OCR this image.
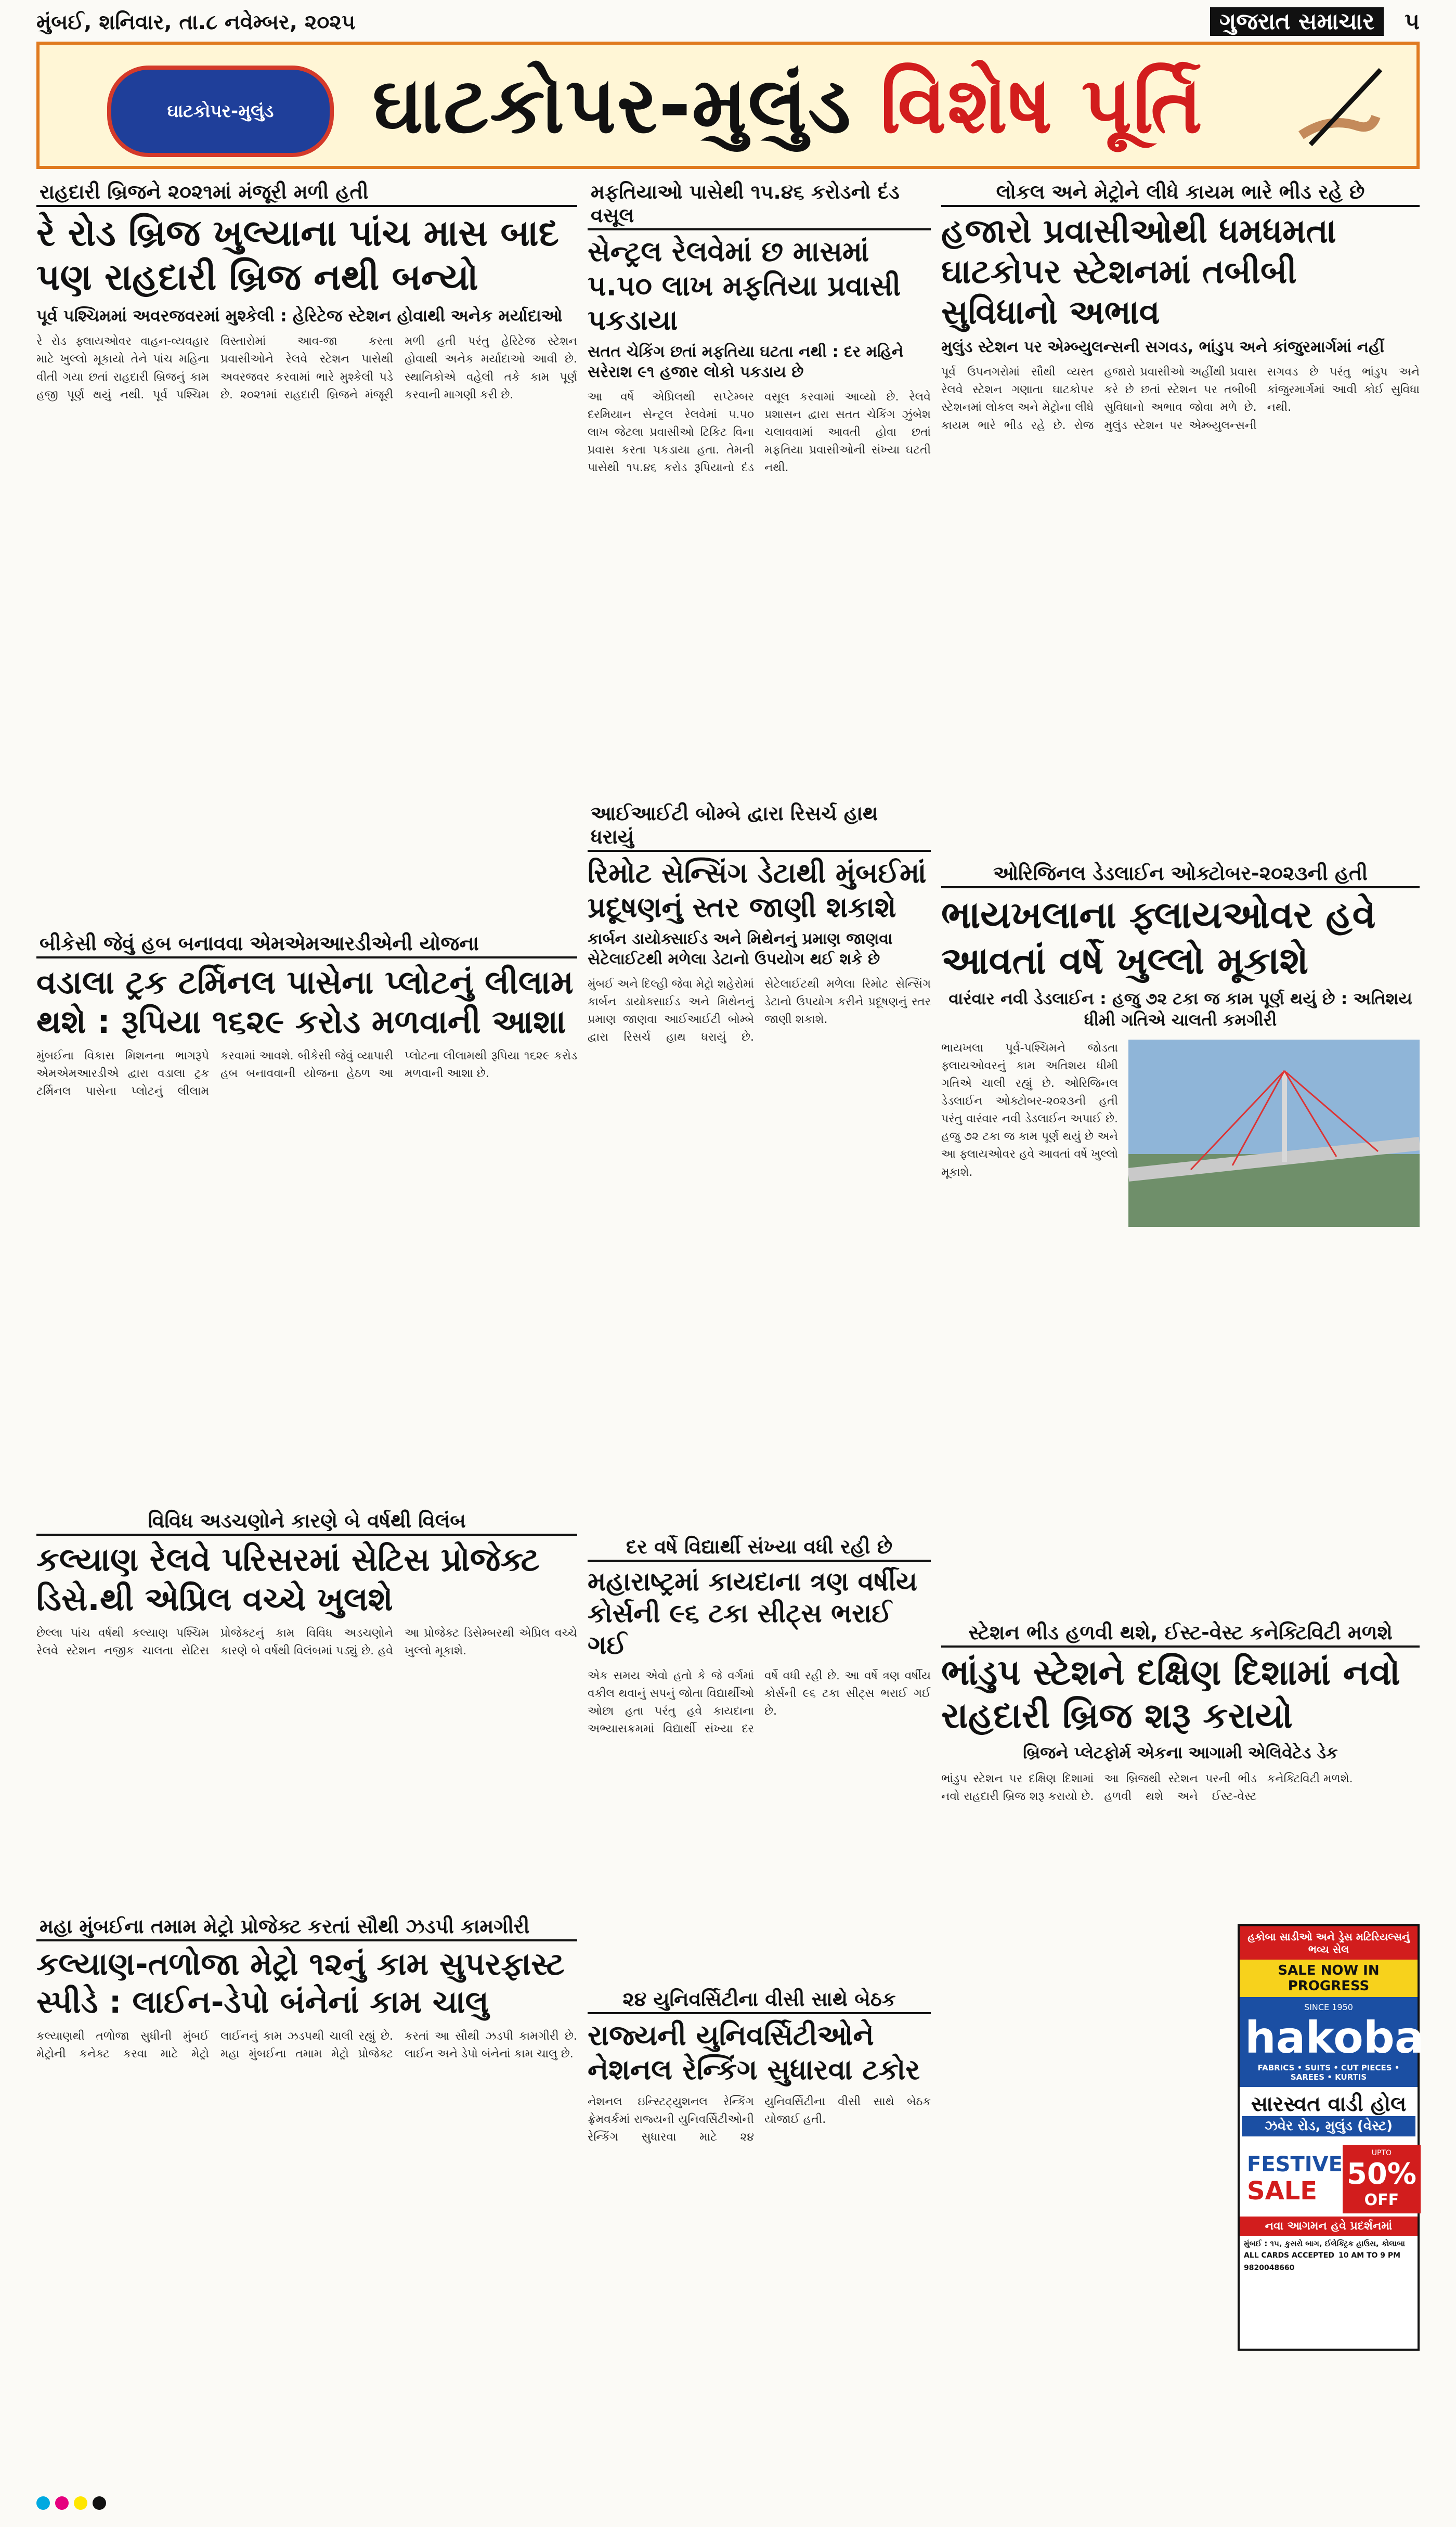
મુંબઈ, શનિવાર, તા.૮ નવેમ્બર, ૨૦૨૫	ગુજરાત સમાચાર	૫
ઘાટકોપર-મુલુંડ	ઘાટકોપર-મુલુંડ વિશેષ પૂર્તિ
રાહદારી બ્રિજને ૨૦૨૧માં મંજૂરી મળી હતી
રે રોડ બ્રિજ ખુલ્યાના પાંચ માસ બાદ પણ રાહદારી બ્રિજ નથી બન્યો
પૂર્વ પશ્ચિમમાં અવરજવરમાં મુશ્કેલી : હેરિટેજ સ્ટેશન હોવાથી અનેક મર્યાદાઓ
રે રોડ ફ્લાયઓવર વાહન-વ્યવહાર માટે ખુલ્લો મૂકાયો તેને પાંચ મહિના વીતી ગયા છતાં રાહદારી બ્રિજનું કામ હજી પૂર્ણ થયું નથી. પૂર્વ પશ્ચિમ વિસ્તારોમાં આવ-જા કરતા પ્રવાસીઓને રેલવે સ્ટેશન પાસેથી અવરજવર કરવામાં ભારે મુશ્કેલી પડે છે. ૨૦૨૧માં રાહદારી બ્રિજને મંજૂરી મળી હતી પરંતુ હેરિટેજ સ્ટેશન હોવાથી અનેક મર્યાદાઓ આવી છે. સ્થાનિકોએ વહેલી તકે કામ પૂર્ણ કરવાની માગણી કરી છે.
મફતિયાઓ પાસેથી ૧૫.૪૬ કરોડનો દંડ વસૂલ
સેન્ટ્રલ રેલવેમાં છ માસમાં ૫.૫૦ લાખ મફતિયા પ્રવાસી પકડાયા
સતત ચેકિંગ છતાં મફતિયા ઘટતા નથી : દર મહિને સરેરાશ ૯૧ હજાર લોકો પકડાય છે
આ વર્ષે એપ્રિલથી સપ્ટેમ્બર દરમિયાન સેન્ટ્રલ રેલવેમાં ૫.૫૦ લાખ જેટલા પ્રવાસીઓ ટિકિટ વિના પ્રવાસ કરતા પકડાયા હતા. તેમની પાસેથી ૧૫.૪૬ કરોડ રૂપિયાનો દંડ વસૂલ કરવામાં આવ્યો છે. રેલવે પ્રશાસન દ્વારા સતત ચેકિંગ ઝુંબેશ ચલાવવામાં આવતી હોવા છતાં મફતિયા પ્રવાસીઓની સંખ્યા ઘટતી નથી.
લોકલ અને મેટ્રોને લીધે કાયમ ભારે ભીડ રહે છે
હજારો પ્રવાસીઓથી ધમધમતા ઘાટકોપર સ્ટેશનમાં તબીબી સુવિધાનો અભાવ
મુલુંડ સ્ટેશન પર એમ્બ્યુલન્સની સગવડ, ભાંડુપ અને કાંજુરમાર્ગમાં નહીં
પૂર્વ ઉપનગરોમાં સૌથી વ્યસ્ત રેલવે સ્ટેશન ગણાતા ઘાટકોપર સ્ટેશનમાં લોકલ અને મેટ્રોના લીધે કાયમ ભારે ભીડ રહે છે. રોજ હજારો પ્રવાસીઓ અહીંથી પ્રવાસ કરે છે છતાં સ્ટેશન પર તબીબી સુવિધાનો અભાવ જોવા મળે છે. મુલુંડ સ્ટેશન પર એમ્બ્યુલન્સની સગવડ છે પરંતુ ભાંડુપ અને કાંજુરમાર્ગમાં આવી કોઈ સુવિધા નથી.
બીકેસી જેવું હબ બનાવવા એમએમઆરડીએની યોજના
વડાલા ટ્રક ટર્મિનલ પાસેના પ્લોટનું લીલામ થશે : રૂપિયા ૧૬૨૯ કરોડ મળવાની આશા
મુંબઈના વિકાસ મિશનના ભાગરૂપે એમએમઆરડીએ દ્વારા વડાલા ટ્રક ટર્મિનલ પાસેના પ્લોટનું લીલામ કરવામાં આવશે. બીકેસી જેવું વ્યાપારી હબ બનાવવાની યોજના હેઠળ આ પ્લોટના લીલામથી રૂપિયા ૧૬૨૯ કરોડ મળવાની આશા છે.
આઈઆઈટી બોમ્બે દ્વારા રિસર્ચ હાથ ધરાયું
રિમોટ સેન્સિંગ ડેટાથી મુંબઈમાં પ્રદૂષણનું સ્તર જાણી શકાશે
કાર્બન ડાયોક્સાઈડ અને મિથેનનું પ્રમાણ જાણવા સેટેલાઈટથી મળેલા ડેટાનો ઉપયોગ થઈ શકે છે
મુંબઈ અને દિલ્હી જેવા મેટ્રો શહેરોમાં કાર્બન ડાયોક્સાઈડ અને મિથેનનું પ્રમાણ જાણવા આઈઆઈટી બોમ્બે દ્વારા રિસર્ચ હાથ ધરાયું છે. સેટેલાઈટથી મળેલા રિમોટ સેન્સિંગ ડેટાનો ઉપયોગ કરીને પ્રદૂષણનું સ્તર જાણી શકાશે.
ઓરિજિનલ ડેડલાઈન ઓક્ટોબર-૨૦૨૩ની હતી
ભાયખલાના ફ્લાયઓવર હવે આવતાં વર્ષે ખુલ્લો મૂકાશે
વારંવાર નવી ડેડલાઈન : હજુ ૭૨ ટકા જ કામ પૂર્ણ થયું છે : અતિશય ધીમી ગતિએ ચાલતી કમગીરી
ભાયખલા પૂર્વ-પશ્ચિમને જોડતા ફ્લાયઓવરનું કામ અતિશય ધીમી ગતિએ ચાલી રહ્યું છે. ઓરિજિનલ ડેડલાઈન ઓક્ટોબર-૨૦૨૩ની હતી પરંતુ વારંવાર નવી ડેડલાઈન અપાઈ છે. હજુ ૭૨ ટકા જ કામ પૂર્ણ થયું છે અને આ ફ્લાયઓવર હવે આવતાં વર્ષે ખુલ્લો મૂકાશે.
વિવિધ અડચણોને કારણે બે વર્ષથી વિલંબ
કલ્યાણ રેલવે પરિસરમાં સેટિસ પ્રોજેક્ટ ડિસે.થી એપ્રિલ વચ્ચે ખુલશે
છેલ્લા પાંચ વર્ષથી કલ્યાણ પશ્ચિમ રેલવે સ્ટેશન નજીક ચાલતા સેટિસ પ્રોજેક્ટનું કામ વિવિધ અડચણોને કારણે બે વર્ષથી વિલંબમાં પડ્યું છે. હવે આ પ્રોજેક્ટ ડિસેમ્બરથી એપ્રિલ વચ્ચે ખુલ્લો મૂકાશે.
દર વર્ષે વિદ્યાર્થી સંખ્યા વધી રહી છે
મહારાષ્ટ્રમાં કાયદાના ત્રણ વર્ષીય કોર્સની ૯૬ ટકા સીટ્સ ભરાઈ ગઈ
એક સમય એવો હતો કે જે વર્ગમાં વકીલ થવાનું સપનું જોતા વિદ્યાર્થીઓ ઓછા હતા પરંતુ હવે કાયદાના અભ્યાસક્રમમાં વિદ્યાર્થી સંખ્યા દર વર્ષે વધી રહી છે. આ વર્ષે ત્રણ વર્ષીય કોર્સની ૯૬ ટકા સીટ્સ ભરાઈ ગઈ છે.
સ્ટેશન ભીડ હળવી થશે, ઈસ્ટ-વેસ્ટ કનેક્ટિવિટી મળશે
ભાંડુપ સ્ટેશને દક્ષિણ દિશામાં નવો રાહદારી બ્રિજ શરૂ કરાયો
બ્રિજને પ્લેટફોર્મ એકના આગામી એલિવેટેડ ડેક
ભાંડુપ સ્ટેશન પર દક્ષિણ દિશામાં નવો રાહદારી બ્રિજ શરૂ કરાયો છે. આ બ્રિજથી સ્ટેશન પરની ભીડ હળવી થશે અને ઈસ્ટ-વેસ્ટ કનેક્ટિવિટી મળશે.
મહા મુંબઈના તમામ મેટ્રો પ્રોજેક્ટ કરતાં સૌથી ઝડપી કામગીરી
કલ્યાણ-તળોજા મેટ્રો ૧૨નું કામ સુપરફાસ્ટ સ્પીડે : લાઈન-ડેપો બંનેનાં કામ ચાલુ
કલ્યાણથી તળોજા સુધીની મુંબઈ મેટ્રોની કનેક્ટ કરવા માટે મેટ્રો લાઈનનું કામ ઝડપથી ચાલી રહ્યું છે. મહા મુંબઈના તમામ મેટ્રો પ્રોજેક્ટ કરતાં આ સૌથી ઝડપી કામગીરી છે. લાઈન અને ડેપો બંનેનાં કામ ચાલુ છે.
૨૪ યુનિવર્સિટીના વીસી સાથે બેઠક
રાજ્યની યુનિવર્સિટીઓને નેશનલ રેન્કિંગ સુધારવા ટકોર
નેશનલ ઇન્સ્ટિટ્યુશનલ રેન્કિંગ ફ્રેમવર્કમાં રાજ્યની યુનિવર્સિટીઓની રેન્કિંગ સુધારવા માટે ૨૪ યુનિવર્સિટીના વીસી સાથે બેઠક યોજાઈ હતી.
હકોબા સાડીઓ અને ડ્રેસ મટિરિયલ્સનું ભવ્ય સેલ
SALE NOW IN PROGRESS
SINCE 1950
hakoba
FABRICS • SUITS • CUT PIECES • SAREES • KURTIS
સારસ્વત વાડી હોલ
ઝવેર રોડ, મુલુંડ (વેસ્ટ)
FESTIVE
SALE
UPTO
50%
OFF
નવા આગમન હવે પ્રદર્શનમાં
મુંબઈ : ૧૫, કુસરો બાગ, ઈલેક્ટ્રિક હાઉસ, કોલાબા
ALL CARDS ACCEPTED 10 AM TO 9 PM
9820048660
